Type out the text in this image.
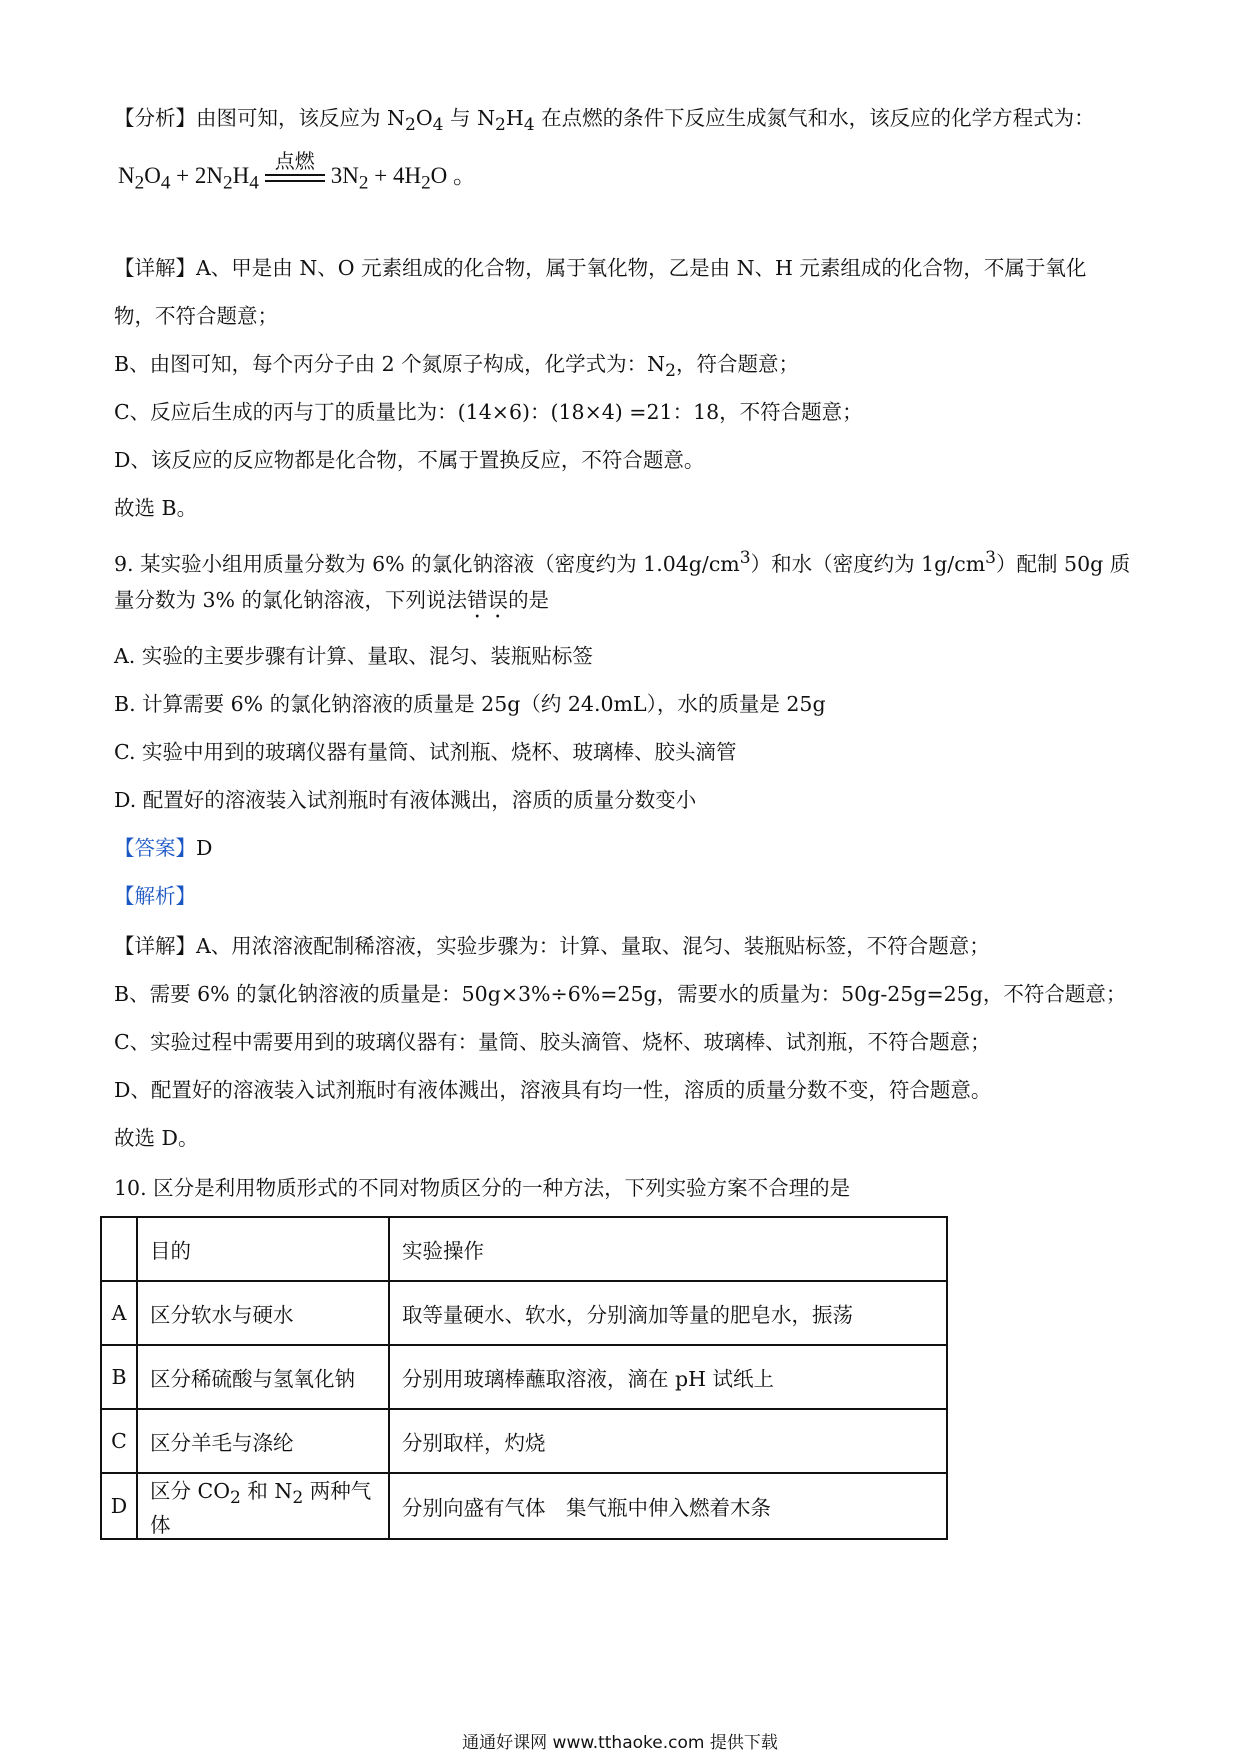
【分析】由图可知，该反应为 $N_2O_4$ 与 $N_2H_4$ 在点燃的条件下反应生成氮气和水，该反应的化学方程式为：
$N_2O_4 + 2N_2H_4$
点燃
$3N_2 + 4H_2O$ 。
【详解】A、甲是由 N、O 元素组成的化合物，属于氧化物，乙是由 N、H 元素组成的化合物，不属于氧化
物，不符合题意；
B、由图可知，每个丙分子由 2 个氮原子构成，化学式为：$N_2$，符合题意；
C、反应后生成的丙与丁的质量比为：(14×6)：(18×4) =21：18，不符合题意；
D、该反应的反应物都是化合物，不属于置换反应，不符合题意。
故选 B。
9. 某实验小组用质量分数为 6% 的氯化钠溶液（密度约为 $1.04g/cm^3$）和水（密度约为 $1g/cm^3$）配制 50g 质
量分数为 3% 的氯化钠溶液，下列说法错误的是
A. 实验的主要步骤有计算、量取、混匀、装瓶贴标签
B. 计算需要 6% 的氯化钠溶液的质量是 25g（约 24.0mL），水的质量是 25g
C. 实验中用到的玻璃仪器有量筒、试剂瓶、烧杯、玻璃棒、胶头滴管
D. 配置好的溶液装入试剂瓶时有液体溅出，溶质的质量分数变小
【答案】D
【解析】
【详解】A、用浓溶液配制稀溶液，实验步骤为：计算、量取、混匀、装瓶贴标签，不符合题意；
B、需要 6% 的氯化钠溶液的质量是：50g×3%÷6%=25g，需要水的质量为：50g-25g=25g，不符合题意；
C、实验过程中需要用到的玻璃仪器有：量筒、胶头滴管、烧杯、玻璃棒、试剂瓶，不符合题意；
D、配置好的溶液装入试剂瓶时有液体溅出，溶液具有均一性，溶质的质量分数不变，符合题意。
故选 D。
10. 区分是利用物质形式的不同对物质区分的一种方法，下列实验方案不合理的是
	目的	实验操作
A	区分软水与硬水	取等量硬水、软水，分别滴加等量的肥皂水，振荡
B	区分稀硫酸与氢氧化钠	分别用玻璃棒蘸取溶液，滴在 pH 试纸上
C	区分羊毛与涤纶	分别取样，灼烧
D	区分 $CO_2$ 和 $N_2$ 两种气体	分别向盛有气体　集气瓶中伸入燃着木条
通通好课网 www.tthaoke.com 提供下载
